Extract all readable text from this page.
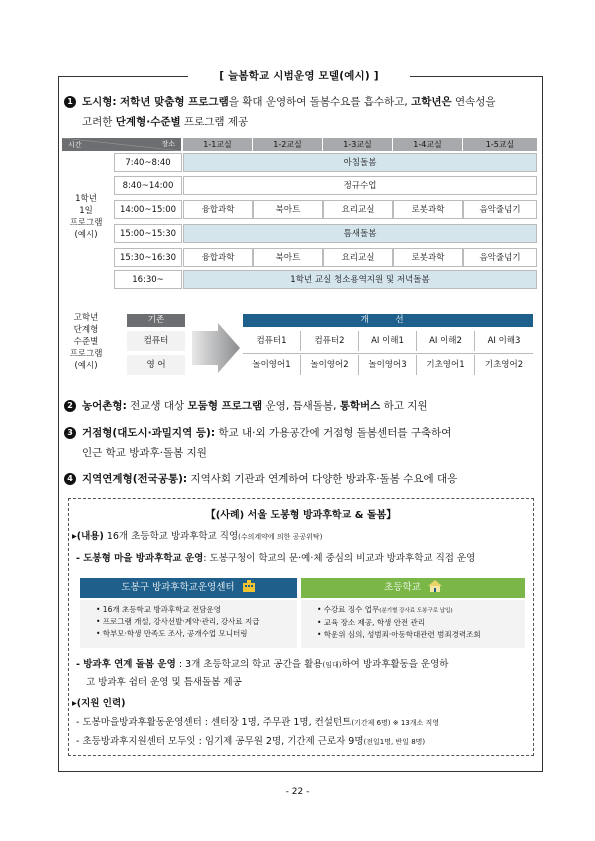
[ 늘봄학교 시범운영 모델(예시) ]
1 도시형: 저학년 맞춤형 프로그램을 확대 운영하여 돌봄수요를 흡수하고, 고학년은 연속성을
고려한 단계형·수준별 프로그램 제공
시간	장소	1-1교실	1-2교실	1-3교실	1-4교실	1-5교실
1학년
1일
프로그램
(예시)
7:40~8:40	아침돌봄
8:40~14:00	정규수업
14:00~15:00	융합과학	북아트	요리교실	로봇과학	음악줄넘기
15:00~15:30	틈새돌봄
15:30~16:30	융합과학	북아트	요리교실	로봇과학	음악줄넘기
16:30~	1학년 교실 청소용역지원 및 저녁돌봄
고학년
단계형
수준별
프로그램
(예시)
기존
컴퓨터
영 어
개 선
컴퓨터1	컴퓨터2	AI 이해1	AI 이해2	AI 이해3
놀이영어1	놀이영어2	놀이영어3	기초영어1	기초영어2
2 농어촌형: 전교생 대상 모둠형 프로그램 운영, 틈새돌봄, 통학버스 하고 지원
3 거점형(대도시·과밀지역 등): 학교 내·외 가용공간에 거점형 돌봄센터를 구축하여
인근 학교 방과후·돌봄 지원
4 지역연계형(전국공통): 지역사회 기관과 연계하여 다양한 방과후·돌봄 수요에 대응
【(사례) 서울 도봉형 방과후학교 & 돌봄】
▸(내용) 16개 초등학교 방과후학교 직영(수의계약에 의한 공공위탁)
- 도봉형 마을 방과후학교 운영: 도봉구청이 학교의 문·예·체 중심의 비교과 방과후학교 직접 운영
도봉구 방과후학교운영센터	초등학교
• 16개 초등학교 방과후학교 전담운영
• 프로그램 개설, 강사선발·계약·관리, 강사료 지급
• 학부모·학생 만족도 조사, 공개수업 모니터링
• 수강료 징수 업무(분기별 강사료 도봉구로 납입)
• 교육 장소 제공, 학생 안전 관리
• 학운위 심의, 성범죄·아동학대관련 범죄경력조회
- 방과후 연계 돌봄 운영 : 3개 초등학교의 학교 공간을 활용(임대)하여 방과후활동을 운영하
고 방과후 쉼터 운영 및 틈새돌봄 제공
▸(지원 인력)
- 도봉마을방과후활동운영센터 : 센터장 1명, 주무관 1명, 컨설턴트(기간제 6명) ※ 13개소 직영
- 초등방과후지원센터 모두잇 : 임기제 공무원 2명, 기간제 근로자 9명(전일1명, 반일 8명)
- 22 -
